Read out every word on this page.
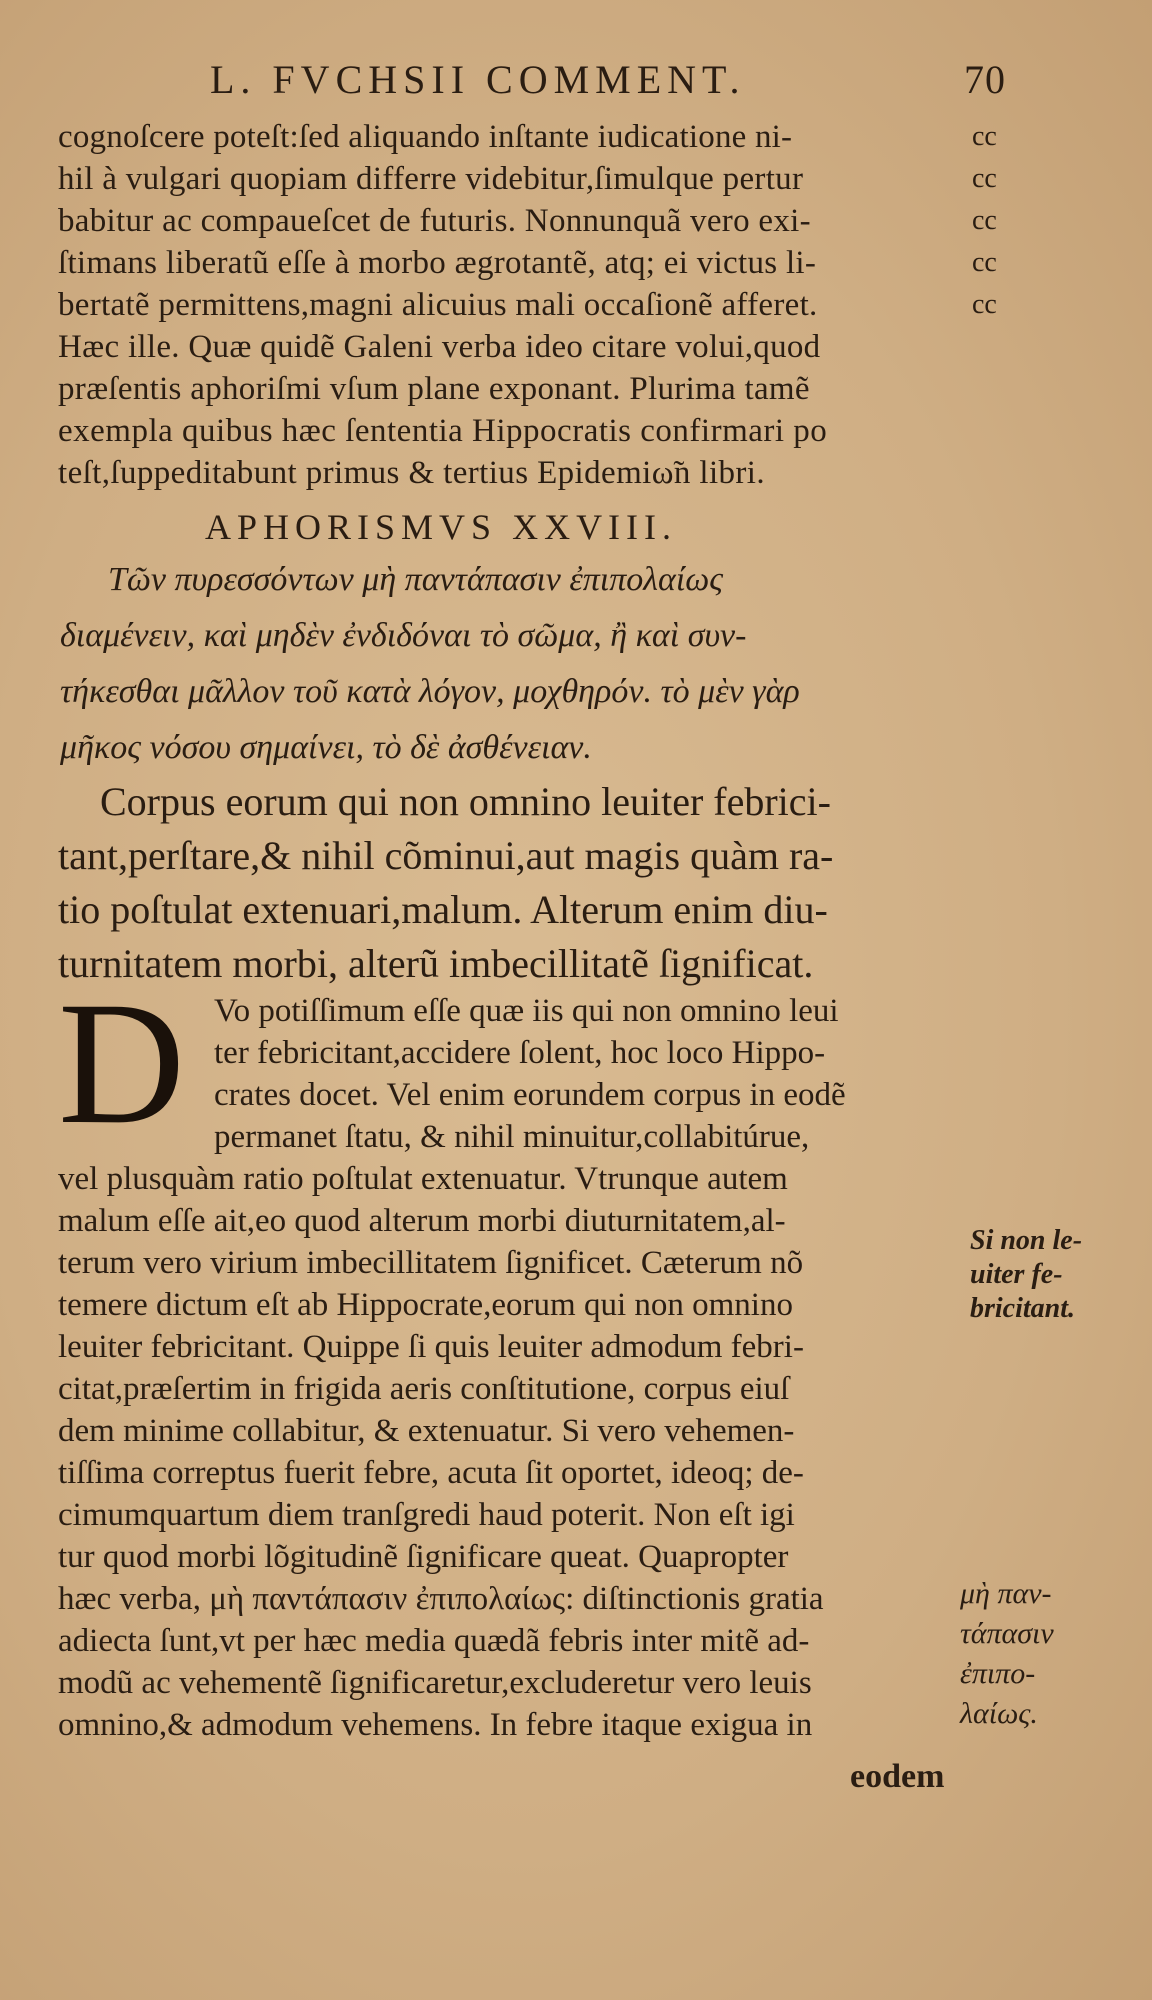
L. FVCHSII COMMENT.	70
cognoſcere poteſt:ſed aliquando inſtante iudicatione ni-
hil à vulgari quopiam differre videbitur,ſimulque pertur
babitur ac compaueſcet de futuris. Nonnunquã vero exi-
ſtimans liberatũ eſſe à morbo ægrotantẽ, atq; ei victus li-
bertatẽ permittens,magni alicuius mali occaſionẽ afferet.
Hæc ille. Quæ quidẽ Galeni verba ideo citare volui,quod
præſentis aphoriſmi vſum plane exponant. Plurima tamẽ
exempla quibus hæc ſententia Hippocratis confirmari po
teſt,ſuppeditabunt primus & tertius Epidemiω̃n libri.
cc
cc
cc
cc
cc
APHORISMVS XXVIII.
Τῶν πυρεσσόντων μὴ παντάπασιν ἐπιπολαίως
διαμένειν, καὶ μηδὲν ἐνδιδόναι τὸ σῶμα, ἢ καὶ συν-
τήκεσθαι μᾶλλον τοῦ κατὰ λόγον, μοχθηρόν. τὸ μὲν γὰρ
μῆκος νόσου σημαίνει, τὸ δὲ ἀσθένειαν.
Corpus eorum qui non omnino leuiter febrici-
tant,perſtare,& nihil cõminui,aut magis quàm ra-
tio poſtulat extenuari,malum. Alterum enim diu-
turnitatem morbi, alterũ imbecillitatẽ ſignificat.
D Vo potiſſimum eſſe quæ iis qui non omnino leui
ter febricitant,accidere ſolent, hoc loco Hippo-
crates docet. Vel enim eorundem corpus in eodẽ
permanet ſtatu, & nihil minuitur,collabitúrue,
vel plusquàm ratio poſtulat extenuatur. Vtrunque autem
malum eſſe ait,eo quod alterum morbi diuturnitatem,al-
terum vero virium imbecillitatem ſignificet. Cæterum nõ
temere dictum eſt ab Hippocrate,eorum qui non omnino
leuiter febricitant. Quippe ſi quis leuiter admodum febri-
citat,præſertim in frigida aeris conſtitutione, corpus eiuſ
dem minime collabitur, & extenuatur. Si vero vehemen-
tiſſima correptus fuerit febre, acuta ſit oportet, ideoq; de-
cimumquartum diem tranſgredi haud poterit. Non eſt igi
tur quod morbi lõgitudinẽ ſignificare queat. Quapropter
hæc verba, μὴ παντάπασιν ἐπιπολαίως: diſtinctionis gratia
adiecta ſunt,vt per hæc media quædã febris inter mitẽ ad-
modũ ac vehementẽ ſignificaretur,excluderetur vero leuis
omnino,& admodum vehemens. In febre itaque exigua in
Si non le-
uiter fe-
bricitant.
μὴ παν-
τάπασιν
ἐπιπο-
λαίως.
eodem
